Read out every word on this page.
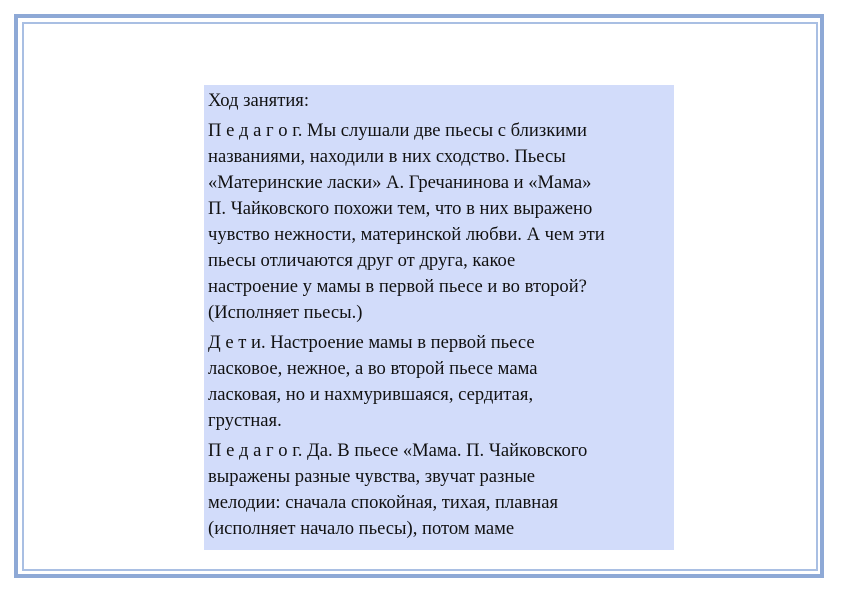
Ход занятия:
П е д а г о г. Мы слушали две пьесы с близкими
названиями, находили в них сходство. Пьесы
«Материнские ласки» А. Гречанинова и «Мама»
П. Чайковского похожи тем, что в них выражено
чувство нежности, материнской любви. А чем эти
пьесы отличаются друг от друга, какое
настроение у мамы в первой пьесе и во второй?
(Исполняет пьесы.)
Д е т и. Настроение мамы в первой пьесе
ласковое, нежное, а во второй пьесе мама
ласковая, но и нахмурившаяся, сердитая,
грустная.
П е д а г о г. Да. В пьесе «Мама. П. Чайковского
выражены разные чувства, звучат разные
мелодии: сначала спокойная, тихая, плавная
(исполняет начало пьесы), потом маме
